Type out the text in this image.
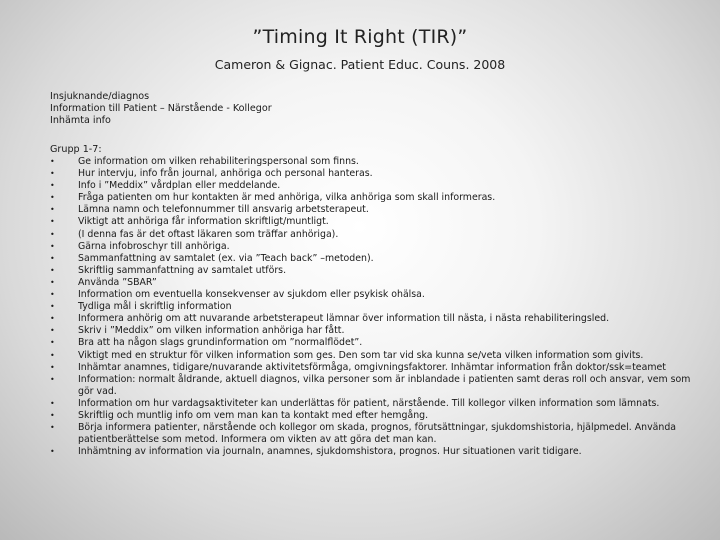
”Timing It Right (TIR)”
Cameron & Gignac. Patient Educ. Couns. 2008
Insjuknande/diagnos
Information till Patient – Närstående - Kollegor
Inhämta info
Grupp 1-7:
• Ge information om vilken rehabiliteringspersonal som finns.
• Hur intervju, info från journal, anhöriga och personal hanteras.
• Info i ”Meddix” vårdplan eller meddelande.
• Fråga patienten om hur kontakten är med anhöriga, vilka anhöriga som skall informeras.
• Lämna namn och telefonnummer till ansvarig arbetsterapeut.
• Viktigt att anhöriga får information skriftligt/muntligt.
• (I denna fas är det oftast läkaren som träffar anhöriga).
• Gärna infobroschyr till anhöriga.
• Sammanfattning av samtalet (ex. via ”Teach back” –metoden).
• Skriftlig sammanfattning av samtalet utförs.
• Använda ”SBAR”
• Information om eventuella konsekvenser av sjukdom eller psykisk ohälsa.
• Tydliga mål i skriftlig information
• Informera anhörig om att nuvarande arbetsterapeut lämnar över information till nästa, i nästa rehabiliteringsled.
• Skriv i ”Meddix” om vilken information anhöriga har fått.
• Bra att ha någon slags grundinformation om ”normalflödet”.
• Viktigt med en struktur för vilken information som ges. Den som tar vid ska kunna se/veta vilken information som givits.
• Inhämtar anamnes, tidigare/nuvarande aktivitetsförmåga, omgivningsfaktorer. Inhämtar information från doktor/ssk=teamet
• Information: normalt åldrande, aktuell diagnos, vilka personer som är inblandade i patienten samt deras roll och ansvar, vem som gör vad.
• Information om hur vardagsaktiviteter kan underlättas för patient, närstående. Till kollegor vilken information som lämnats.
• Skriftlig och muntlig info om vem man kan ta kontakt med efter hemgång.
• Börja informera patienter, närstående och kollegor om skada, prognos, förutsättningar, sjukdomshistoria, hjälpmedel. Använda patientberättelse som metod. Informera om vikten av att göra det man kan.
• Inhämtning av information via journaln, anamnes, sjukdomshistora, prognos. Hur situationen varit tidigare.
